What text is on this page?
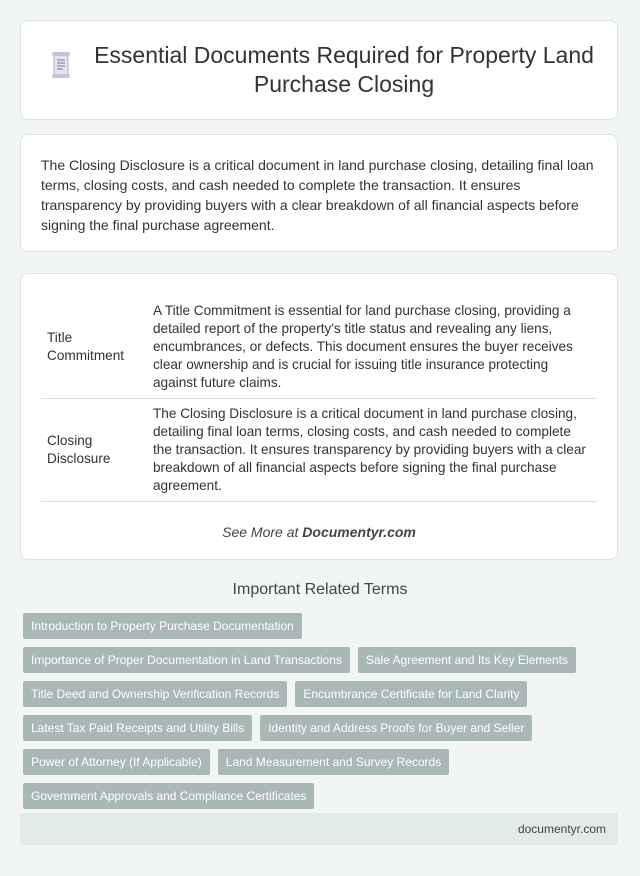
Essential Documents Required for Property Land Purchase Closing

The Closing Disclosure is a critical document in land purchase closing, detailing final loan terms, closing costs, and cash needed to complete the transaction. It ensures transparency by providing buyers with a clear breakdown of all financial aspects before signing the final purchase agreement.

Title Commitment	A Title Commitment is essential for land purchase closing, providing a detailed report of the property's title status and revealing any liens, encumbrances, or defects. This document ensures the buyer receives clear ownership and is crucial for issuing title insurance protecting against future claims.
Closing Disclosure	The Closing Disclosure is a critical document in land purchase closing, detailing final loan terms, closing costs, and cash needed to complete the transaction. It ensures transparency by providing buyers with a clear breakdown of all financial aspects before signing the final purchase agreement.
See More at Documentyr.com
Important Related Terms
Introduction to Property Purchase Documentation
Importance of Proper Documentation in Land Transactions	Sale Agreement and Its Key Elements
Title Deed and Ownership Verification Records	Encumbrance Certificate for Land Clarity
Latest Tax Paid Receipts and Utility Bills	Identity and Address Proofs for Buyer and Seller
Power of Attorney (If Applicable)	Land Measurement and Survey Records
Government Approvals and Compliance Certificates
documentyr.com
